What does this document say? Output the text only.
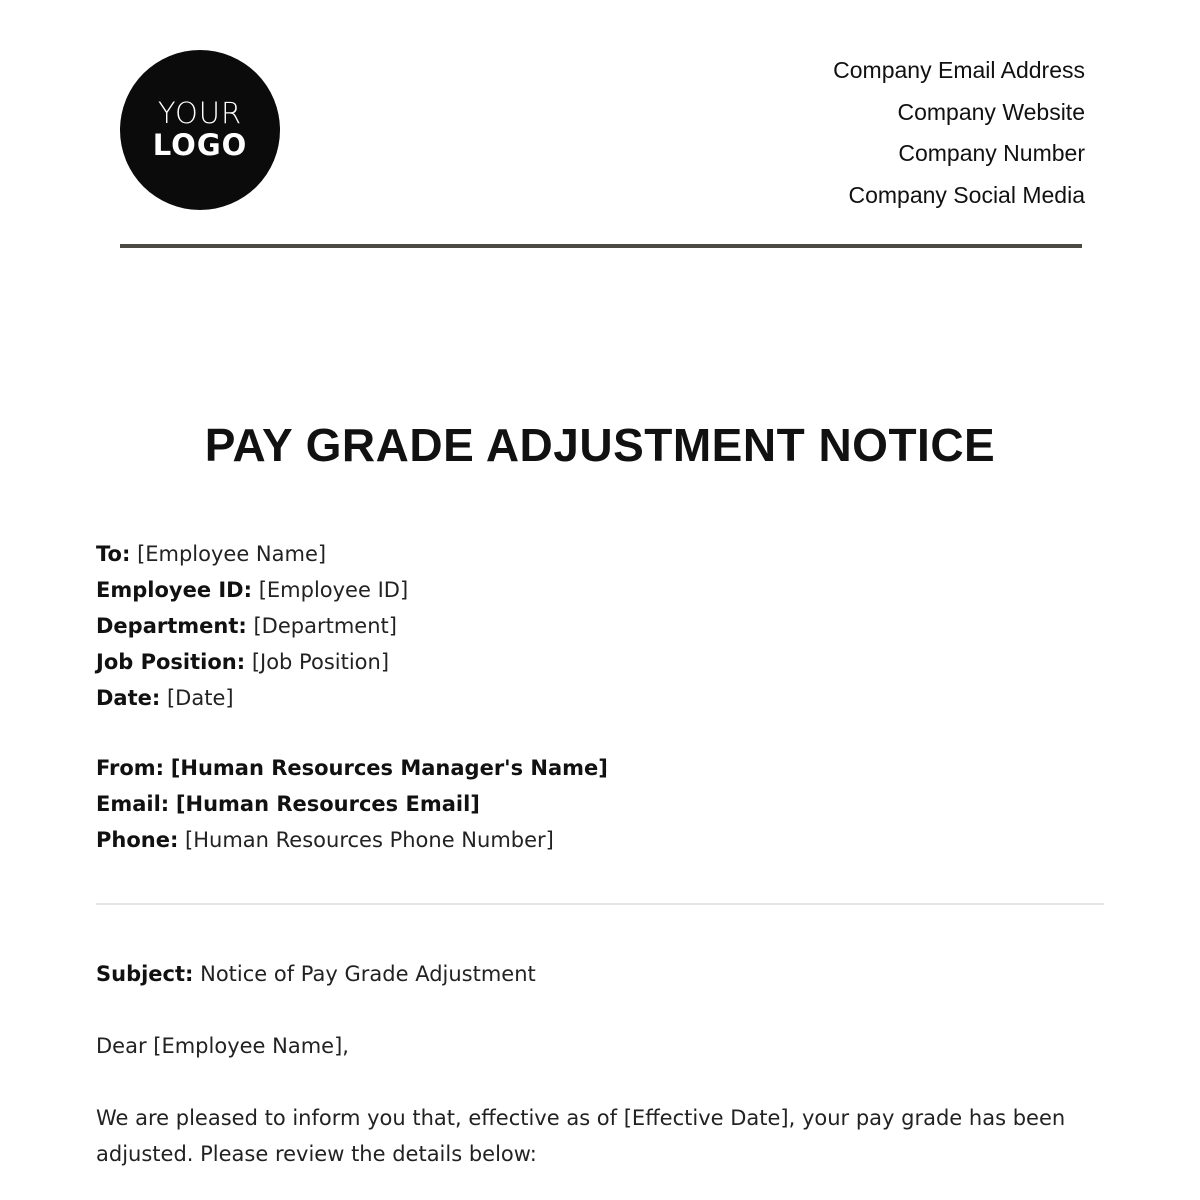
YOUR
LOGO
Company Email Address
Company Website
Company Number
Company Social Media
PAY GRADE ADJUSTMENT NOTICE
To: [Employee Name]
Employee ID: [Employee ID]
Department: [Department]
Job Position: [Job Position]
Date: [Date]
From: [Human Resources Manager's Name]
Email: [Human Resources Email]
Phone: [Human Resources Phone Number]
Subject: Notice of Pay Grade Adjustment
Dear [Employee Name],
We are pleased to inform you that, effective as of [Effective Date], your pay grade has been adjusted. Please review the details below:
